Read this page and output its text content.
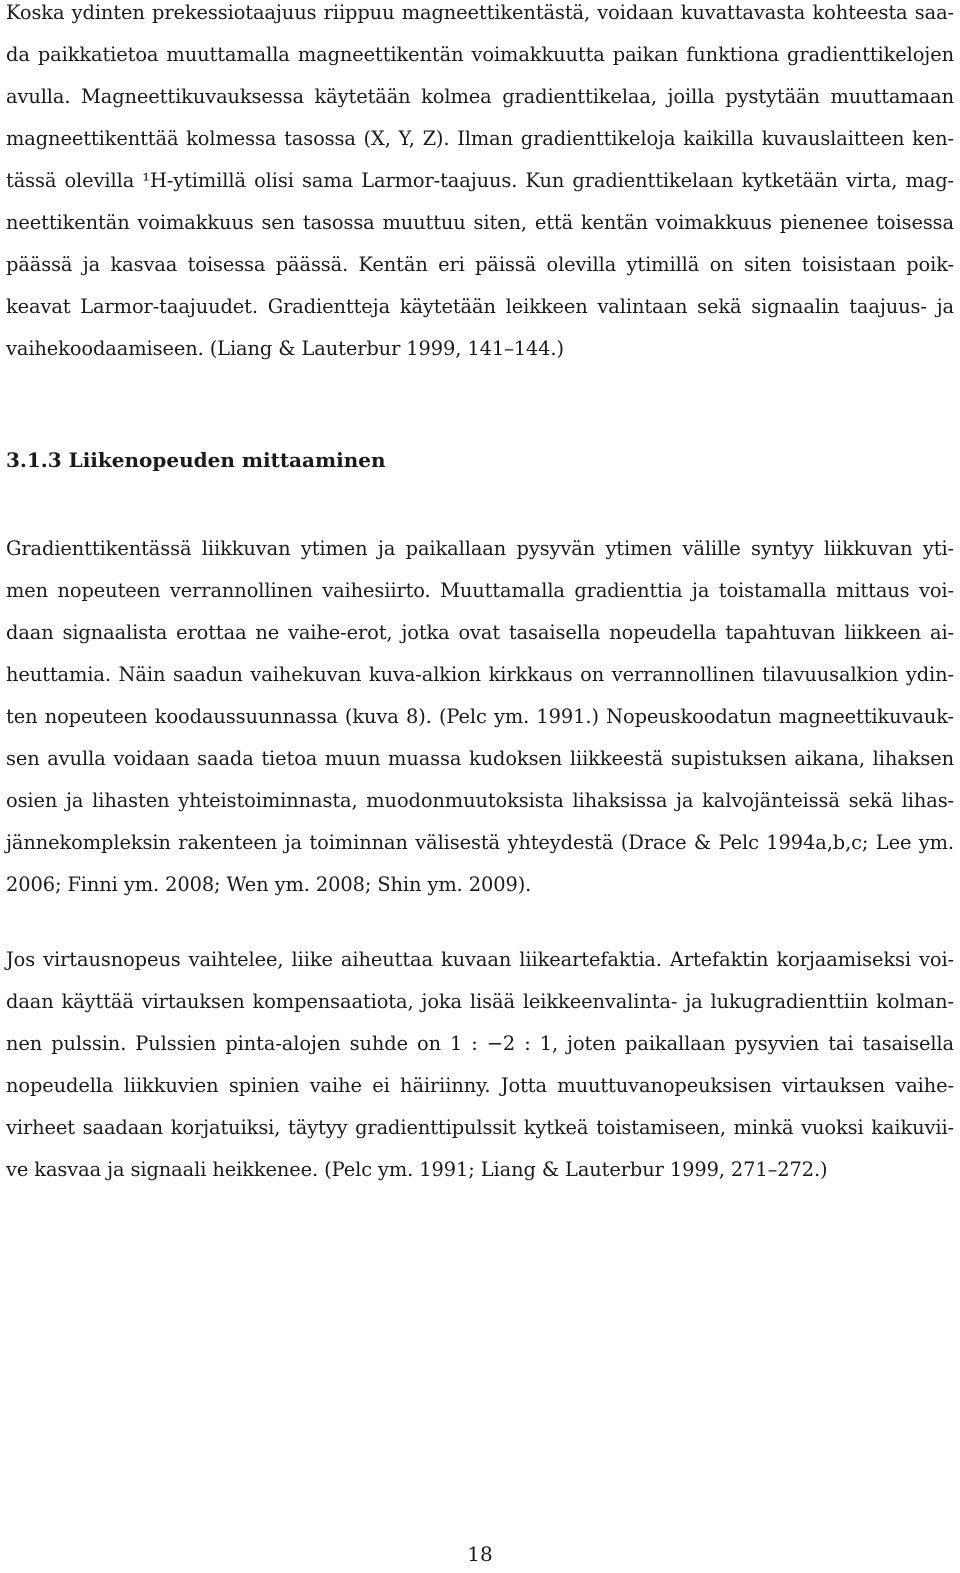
Koska ydinten prekessiotaajuus riippuu magneettikentästä, voidaan kuvattavasta kohteesta saa-
da paikkatietoa muuttamalla magneettikentän voimakkuutta paikan funktiona gradienttikelojen
avulla. Magneettikuvauksessa käytetään kolmea gradienttikelaa, joilla pystytään muuttamaan
magneettikenttää kolmessa tasossa (X, Y, Z). Ilman gradienttikeloja kaikilla kuvauslaitteen ken-
tässä olevilla ¹H-ytimillä olisi sama Larmor-taajuus. Kun gradienttikelaan kytketään virta, mag-
neettikentän voimakkuus sen tasossa muuttuu siten, että kentän voimakkuus pienenee toisessa
päässä ja kasvaa toisessa päässä. Kentän eri päissä olevilla ytimillä on siten toisistaan poik-
keavat Larmor-taajuudet. Gradientteja käytetään leikkeen valintaan sekä signaalin taajuus- ja
vaihekoodaamiseen. (Liang & Lauterbur 1999, 141–144.)
3.1.3 Liikenopeuden mittaaminen
Gradienttikentässä liikkuvan ytimen ja paikallaan pysyvän ytimen välille syntyy liikkuvan yti-
men nopeuteen verrannollinen vaihesiirto. Muuttamalla gradienttia ja toistamalla mittaus voi-
daan signaalista erottaa ne vaihe-erot, jotka ovat tasaisella nopeudella tapahtuvan liikkeen ai-
heuttamia. Näin saadun vaihekuvan kuva-alkion kirkkaus on verrannollinen tilavuusalkion ydin-
ten nopeuteen koodaussuunnassa (kuva 8). (Pelc ym. 1991.) Nopeuskoodatun magneettikuvauk-
sen avulla voidaan saada tietoa muun muassa kudoksen liikkeestä supistuksen aikana, lihaksen
osien ja lihasten yhteistoiminnasta, muodonmuutoksista lihaksissa ja kalvojänteissä sekä lihas-
jännekompleksin rakenteen ja toiminnan välisestä yhteydestä (Drace & Pelc 1994a,b,c; Lee ym.
2006; Finni ym. 2008; Wen ym. 2008; Shin ym. 2009).
Jos virtausnopeus vaihtelee, liike aiheuttaa kuvaan liikeartefaktia. Artefaktin korjaamiseksi voi-
daan käyttää virtauksen kompensaatiota, joka lisää leikkeenvalinta- ja lukugradienttiin kolman-
nen pulssin. Pulssien pinta-alojen suhde on 1 : −2 : 1, joten paikallaan pysyvien tai tasaisella
nopeudella liikkuvien spinien vaihe ei häiriinny. Jotta muuttuvanopeuksisen virtauksen vaihe-
virheet saadaan korjatuiksi, täytyy gradienttipulssit kytkeä toistamiseen, minkä vuoksi kaikuvii-
ve kasvaa ja signaali heikkenee. (Pelc ym. 1991; Liang & Lauterbur 1999, 271–272.)
18
